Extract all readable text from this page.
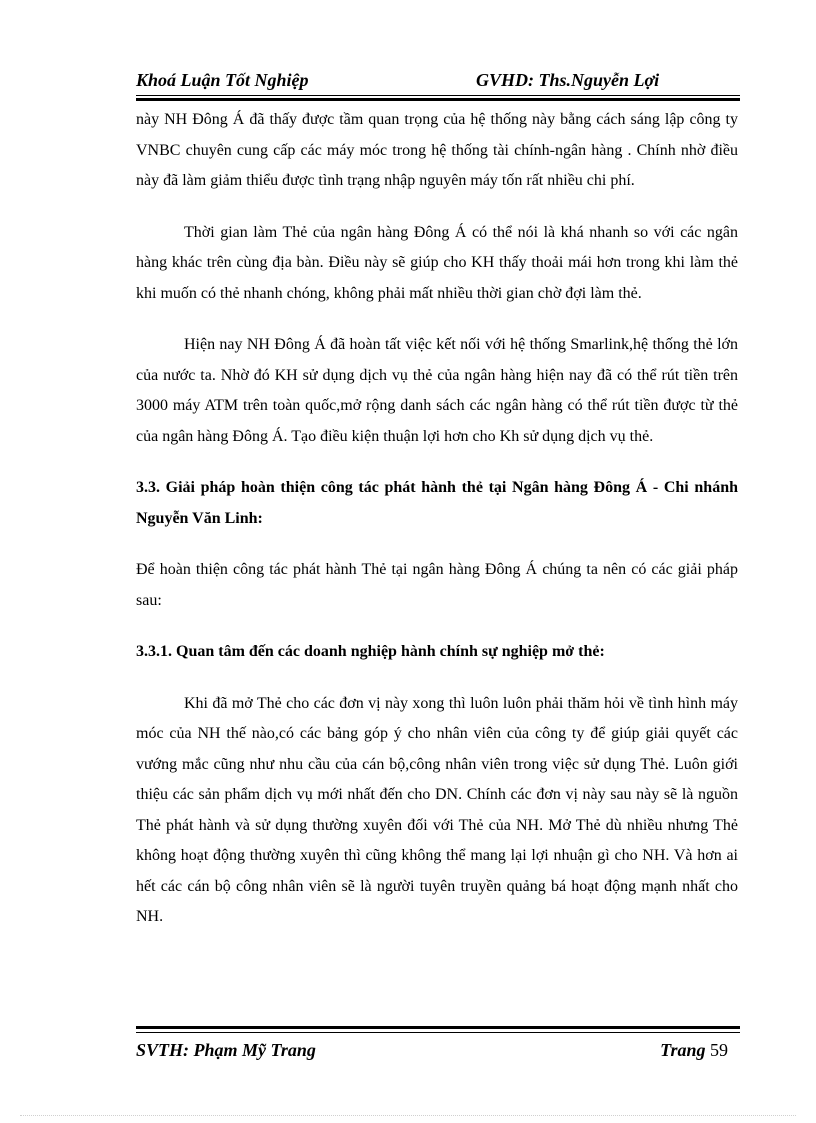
Khoá Luận Tốt Nghiệp	GVHD: Ths.Nguyễn Lợi

này NH Đông Á đã thấy được tầm quan trọng của hệ thống này bằng cách sáng lập công ty VNBC chuyên cung cấp các máy móc trong hệ thống tài chính-ngân hàng . Chính nhờ điều này đã làm giảm thiểu được tình trạng nhập nguyên máy tốn rất nhiều chi phí.

Thời gian làm Thẻ của ngân hàng Đông Á có thể nói là khá nhanh so với các ngân hàng khác trên cùng địa bàn. Điều này sẽ giúp cho KH thấy thoải mái hơn trong khi làm thẻ khi muốn có thẻ nhanh chóng, không phải mất nhiều thời gian chờ đợi làm thẻ.

Hiện nay NH Đông Á đã hoàn tất việc kết nối với hệ thống Smarlink,hệ thống thẻ lớn của nước ta. Nhờ đó KH sử dụng dịch vụ thẻ của ngân hàng hiện nay đã có thể rút tiền trên 3000 máy ATM trên toàn quốc,mở rộng danh sách các ngân hàng có thể rút tiền được từ thẻ của ngân hàng Đông Á. Tạo điều kiện thuận lợi hơn cho Kh sử dụng dịch vụ thẻ.

3.3. Giải pháp hoàn thiện công tác phát hành thẻ tại Ngân hàng Đông Á - Chi nhánh Nguyễn Văn Linh:

Để hoàn thiện công tác phát hành Thẻ tại ngân hàng Đông Á chúng ta nên có các giải pháp sau:

3.3.1. Quan tâm đến các doanh nghiệp hành chính sự nghiệp mở thẻ:

Khi đã mở Thẻ cho các đơn vị này xong thì luôn luôn phải thăm hỏi về tình hình máy móc của NH thế nào,có các bảng góp ý cho nhân viên của công ty để giúp giải quyết các vướng mắc cũng như nhu cầu của cán bộ,công nhân viên trong việc sử dụng Thẻ. Luôn giới thiệu các sản phẩm dịch vụ mới nhất đến cho DN. Chính các đơn vị này sau này sẽ là nguồn Thẻ phát hành và sử dụng thường xuyên đối với Thẻ của NH. Mở Thẻ dù nhiều nhưng Thẻ không hoạt động thường xuyên thì cũng không thể mang lại lợi nhuận gì cho NH. Và hơn ai hết các cán bộ công nhân viên sẽ là người tuyên truyền quảng bá hoạt động mạnh nhất cho NH.

SVTH: Phạm Mỹ Trang	Trang 59
